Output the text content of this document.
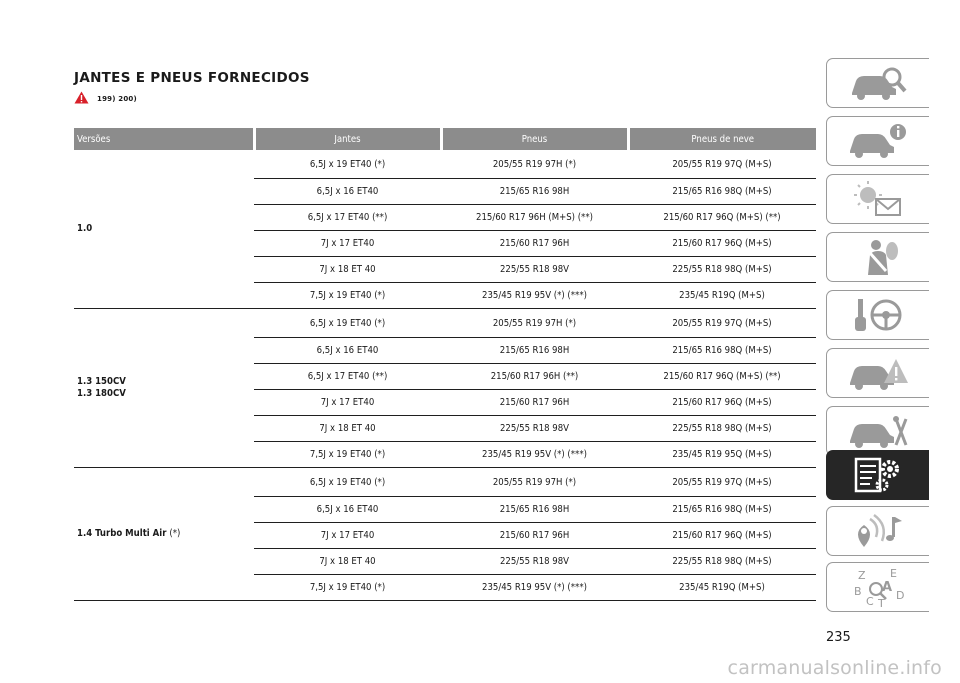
JANTES E PNEUS FORNECIDOS
199) 200)
Versões	Jantes	Pneus	Pneus de neve
1.0	6,5J x 19 ET40 (*)	205/55 R19 97H (*)	205/55 R19 97Q (M+S)
	6,5J x 16 ET40	215/65 R16 98H	215/65 R16 98Q (M+S)
	6,5J x 17 ET40 (**)	215/60 R17 96H (M+S) (**)	215/60 R17 96Q (M+S) (**)
	7J x 17 ET40	215/60 R17 96H	215/60 R17 96Q (M+S)
	7J x 18 ET 40	225/55 R18 98V	225/55 R18 98Q (M+S)
	7,5J x 19 ET40 (*)	235/45 R19 95V (*) (***)	235/45 R19Q (M+S)

1.3 150CV
1.3 180CV	6,5J x 19 ET40 (*)	205/55 R19 97H (*)	205/55 R19 97Q (M+S)
	6,5J x 16 ET40	215/65 R16 98H	215/65 R16 98Q (M+S)
	6,5J x 17 ET40 (**)	215/60 R17 96H (**)	215/60 R17 96Q (M+S) (**)
	7J x 17 ET40	215/60 R17 96H	215/60 R17 96Q (M+S)
	7J x 18 ET 40	225/55 R18 98V	225/55 R18 98Q (M+S)
	7,5J x 19 ET40 (*)	235/45 R19 95V (*) (***)	235/45 R19 95Q (M+S)
1.4 Turbo Multi Air (*)	6,5J x 19 ET40 (*)	205/55 R19 97H (*)	205/55 R19 97Q (M+S)
	6,5J x 16 ET40	215/65 R16 98H	215/65 R16 98Q (M+S)
	7J x 17 ET40	215/60 R17 96H	215/60 R17 96Q (M+S)
	7J x 18 ET 40	225/55 R18 98V	225/55 R18 98Q (M+S)
	7,5J x 19 ET40 (*)	235/45 R19 95V (*) (***)	235/45 R19Q (M+S)
Z E
B A
D
C T
235
carmanualsonline.info
